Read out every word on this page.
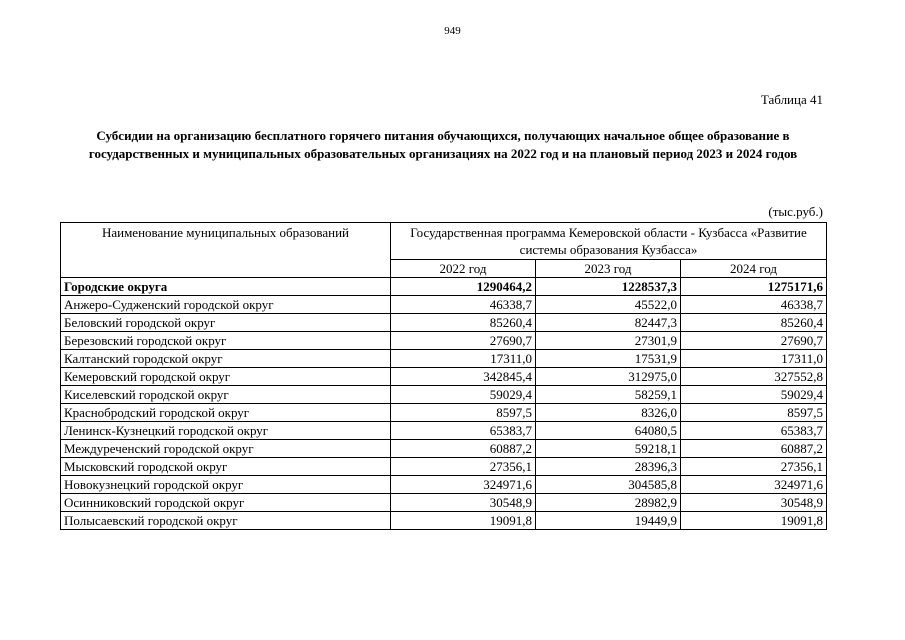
949
Таблица 41
Субсидии на организацию бесплатного горячего питания обучающихся, получающих начальное общее образование в государственных и муниципальных образовательных организациях на 2022 год и на плановый период 2023 и 2024 годов
(тыс.руб.)
Наименование муниципальных образований	Государственная программа Кемеровской области - Кузбасса «Развитие системы образования Кузбасса»		
	2022 год	2023 год	2024 год
Городские округа	1290464,2	1228537,3	1275171,6
Анжеро-Судженский городской округ	46338,7	45522,0	46338,7
Беловский городской округ	85260,4	82447,3	85260,4
Березовский городской округ	27690,7	27301,9	27690,7
Калтанский городской округ	17311,0	17531,9	17311,0
Кемеровский городской округ	342845,4	312975,0	327552,8
Киселевский городской округ	59029,4	58259,1	59029,4
Краснобродский городской округ	8597,5	8326,0	8597,5
Ленинск-Кузнецкий городской округ	65383,7	64080,5	65383,7
Междуреченский городской округ	60887,2	59218,1	60887,2
Мысковский городской округ	27356,1	28396,3	27356,1
Новокузнецкий городской округ	324971,6	304585,8	324971,6
Осинниковский городской округ	30548,9	28982,9	30548,9
Полысаевский городской округ	19091,8	19449,9	19091,8
